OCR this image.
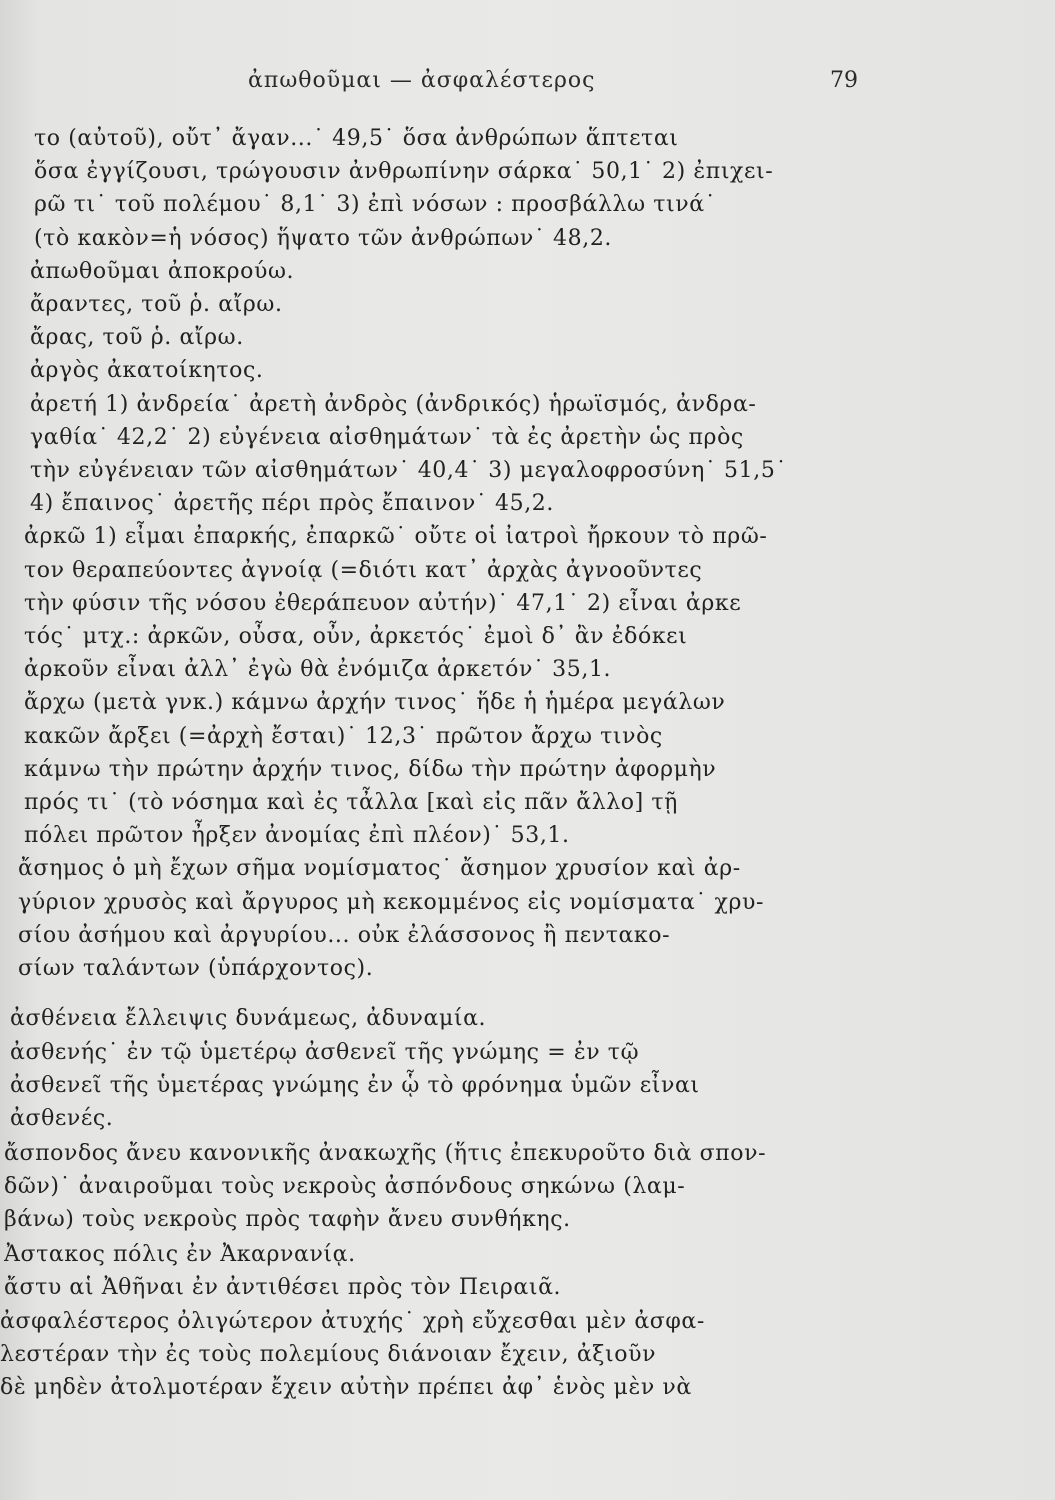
ἀπωθοῦμαι — ἀσφαλέστερος	79
το (αὐτοῦ), οὔτ᾿ ἄγαν...˙ 49,5˙ ὅσα ἀνθρώπων ἅπτεται
ὅσα ἐγγίζουσι, τρώγουσιν ἀνθρωπίνην σάρκα˙ 50,1˙ 2) ἐπιχει-
ρῶ τι˙ τοῦ πολέμου˙ 8,1˙ 3) ἐπὶ νόσων : προσβάλλω τινά˙
(τὸ κακὸν=ἡ νόσος) ἥψατο τῶν ἀνθρώπων˙ 48,2.
ἀπωθοῦμαι ἀποκρούω.
ἄραντες, τοῦ ῥ. αἴρω.
ἄρας, τοῦ ῥ. αἴρω.
ἀργὸς ἀκατοίκητος.
ἀρετή 1) ἀνδρεία˙ ἀρετὴ ἀνδρὸς (ἀνδρικός) ἡρωϊσμός, ἀνδρα-
γαθία˙ 42,2˙ 2) εὐγένεια αἰσθημάτων˙ τὰ ἐς ἀρετὴν ὡς πρὸς
τὴν εὐγένειαν τῶν αἰσθημάτων˙ 40,4˙ 3) μεγαλοφροσύνη˙ 51,5˙
4) ἔπαινος˙ ἀρετῆς πέρι πρὸς ἔπαινον˙ 45,2.
ἀρκῶ 1) εἶμαι ἐπαρκής, ἐπαρκῶ˙ οὔτε οἱ ἰατροὶ ἤρκουν τὸ πρῶ-
τον θεραπεύοντες ἀγνοίᾳ (=διότι κατ᾿ ἀρχὰς ἀγνοοῦντες
τὴν φύσιν τῆς νόσου ἐθεράπευον αὐτήν)˙ 47,1˙ 2) εἶναι ἀρκε
τός˙ μτχ.: ἀρκῶν, οὖσα, οὖν, ἀρκετός˙ ἐμοὶ δ᾿ ἂν ἐδόκει
ἀρκοῦν εἶναι ἀλλ᾿ ἐγὼ θὰ ἐνόμιζα ἀρκετόν˙ 35,1.
ἄρχω (μετὰ γνκ.) κάμνω ἀρχήν τινος˙ ἥδε ἡ ἡμέρα μεγάλων
κακῶν ἄρξει (=ἀρχὴ ἔσται)˙ 12,3˙ πρῶτον ἄρχω τινὸς
κάμνω τὴν πρώτην ἀρχήν τινος, δίδω τὴν πρώτην ἀφορμὴν
πρός τι˙ (τὸ νόσημα καὶ ἐς τἆλλα [καὶ εἰς πᾶν ἄλλο] τῇ
πόλει πρῶτον ἦρξεν ἀνομίας ἐπὶ πλέον)˙ 53,1.
ἄσημος ὁ μὴ ἔχων σῆμα νομίσματος˙ ἄσημον χρυσίον καὶ ἀρ-
γύριον χρυσὸς καὶ ἄργυρος μὴ κεκομμένος εἰς νομίσματα˙ χρυ-
σίου ἀσήμου καὶ ἀργυρίου... οὐκ ἐλάσσονος ἢ πεντακο-
σίων ταλάντων (ὑπάρχοντος).
ἀσθένεια ἔλλειψις δυνάμεως, ἀδυναμία.
ἀσθενής˙ ἐν τῷ ὑμετέρῳ ἀσθενεῖ τῆς γνώμης = ἐν τῷ
ἀσθενεῖ τῆς ὑμετέρας γνώμης ἐν ᾧ τὸ φρόνημα ὑμῶν εἶναι
ἀσθενές.
ἄσπονδος ἄνευ κανονικῆς ἀνακωχῆς (ἥτις ἐπεκυροῦτο διὰ σπον-
δῶν)˙ ἀναιροῦμαι τοὺς νεκροὺς ἀσπόνδους σηκώνω (λαμ-
βάνω) τοὺς νεκροὺς πρὸς ταφὴν ἄνευ συνθήκης.
Ἀστακος πόλις ἐν Ἀκαρνανίᾳ.
ἄστυ αἱ Ἀθῆναι ἐν ἀντιθέσει πρὸς τὸν Πειραιᾶ.
ἀσφαλέστερος ὀλιγώτερον ἀτυχής˙ χρὴ εὔχεσθαι μὲν ἀσφα-
λεστέραν τὴν ἐς τοὺς πολεμίους διάνοιαν ἔχειν, ἀξιοῦν
δὲ μηδὲν ἀτολμοτέραν ἔχειν αὐτὴν πρέπει ἀφ᾿ ἑνὸς μὲν νὰ
